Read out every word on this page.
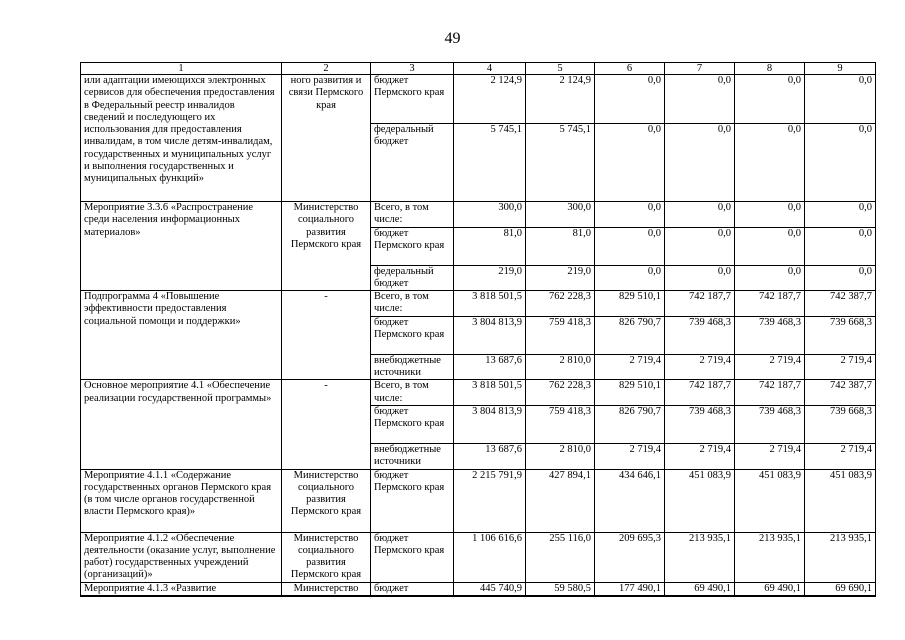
49
1	2	3	4	5	6	7	8	9
или адаптации имеющихся электронных сервисов для обеспечения предоставления в Федеральный реестр инвалидов сведений и последующего их использования для предоставления инвалидам, в том числе детям-инвалидам, государственных и муниципальных услуг и выполнения государственных и муниципальных функций»	ного развития и связи Пермского края	бюджет Пермского края	2 124,9	2 124,9	0,0	0,0	0,0	0,0
		федеральный бюджет	5 745,1	5 745,1	0,0	0,0	0,0	0,0
Мероприятие 3.3.6 «Распространение среди населения информационных материалов»	Министерство социального развития Пермского края	Всего, в том числе:	300,0	300,0	0,0	0,0	0,0	0,0
		бюджет Пермского края	81,0	81,0	0,0	0,0	0,0	0,0
		федеральный бюджет	219,0	219,0	0,0	0,0	0,0	0,0
Подпрограмма 4 «Повышение эффективности предоставления социальной помощи и поддержки»	-	Всего, в том числе:	3 818 501,5	762 228,3	829 510,1	742 187,7	742 187,7	742 387,7
		бюджет Пермского края	3 804 813,9	759 418,3	826 790,7	739 468,3	739 468,3	739 668,3
		внебюджетные источники	13 687,6	2 810,0	2 719,4	2 719,4	2 719,4	2 719,4
Основное мероприятие 4.1 «Обеспечение реализации государственной программы»	-	Всего, в том числе:	3 818 501,5	762 228,3	829 510,1	742 187,7	742 187,7	742 387,7
		бюджет Пермского края	3 804 813,9	759 418,3	826 790,7	739 468,3	739 468,3	739 668,3
		внебюджетные источники	13 687,6	2 810,0	2 719,4	2 719,4	2 719,4	2 719,4
Мероприятие 4.1.1 «Содержание государственных органов Пермского края (в том числе органов государственной власти Пермского края)»	Министерство социального развития Пермского края	бюджет Пермского края	2 215 791,9	427 894,1	434 646,1	451 083,9	451 083,9	451 083,9
Мероприятие 4.1.2 «Обеспечение деятельности (оказание услуг, выполнение работ) государственных учреждений (организаций)»	Министерство социального развития Пермского края	бюджет Пермского края	1 106 616,6	255 116,0	209 695,3	213 935,1	213 935,1	213 935,1
Мероприятие 4.1.3 «Развитие	Министерство	бюджет	445 740,9	59 580,5	177 490,1	69 490,1	69 490,1	69 690,1
